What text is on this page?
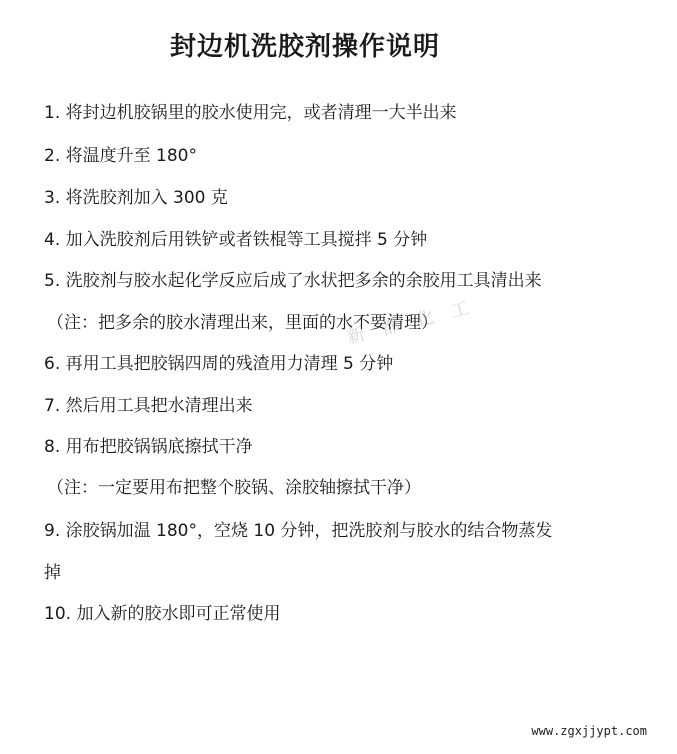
封边机洗胶剂操作说明
1. 将封边机胶锅里的胶水使用完，或者清理一大半出来
2. 将温度升至 180°
3. 将洗胶剂加入 300 克
4. 加入洗胶剂后用铁铲或者铁棍等工具搅拌 5 分钟
5. 洗胶剂与胶水起化学反应后成了水状把多余的余胶用工具清出来
（注：把多余的胶水清理出来，里面的水不要清理）
6. 再用工具把胶锅四周的残渣用力清理 5 分钟
7. 然后用工具把水清理出来
8. 用布把胶锅锅底擦拭干净
（注：一定要用布把整个胶锅、涂胶轴擦拭干净）
9. 涂胶锅加温 180°，空烧 10 分钟，把洗胶剂与胶水的结合物蒸发
掉
10. 加入新的胶水即可正常使用
新 都 化 工
www.zgxjjypt.com
